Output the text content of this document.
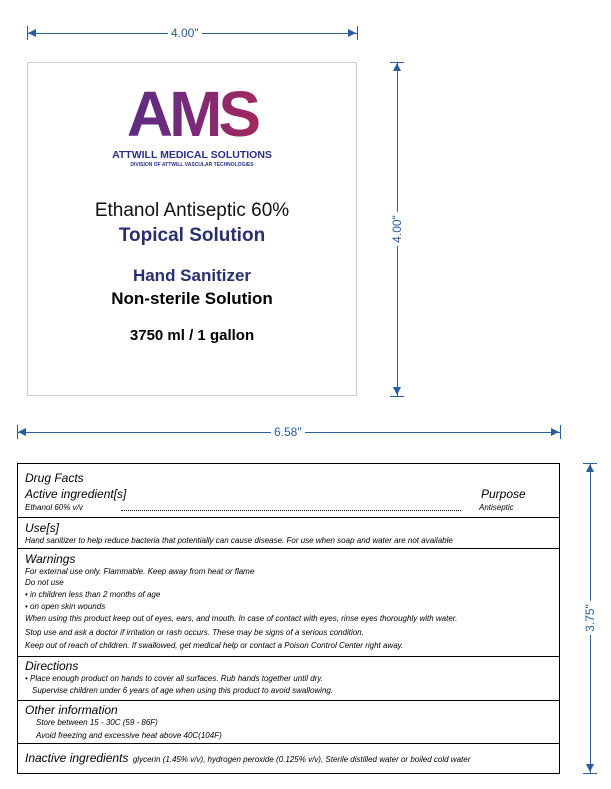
4.00"
4.00"
AMS
ATTWILL MEDICAL SOLUTIONS
DIVISION OF ATTWILL VASCULAR TECHNOLOGIES
Ethanol Antiseptic 60%
Topical Solution
Hand Sanitizer
Non-sterile Solution
3750 ml / 1 gallon
6.58"
3.75"
Drug Facts
Active ingredient[s]	Purpose
Ethanol 60% v/v	Antiseptic
Use[s]
Hand sanitizer to help reduce bacteria that potentially can cause disease. For use when soap and water are not available
Warnings
For external use only. Flammable. Keep away from heat or flame
Do not use
• in children less than 2 months of age
• on open skin wounds
When using this product keep out of eyes, ears, and mouth. In case of contact with eyes, rinse eyes thoroughly with water.
Stop use and ask a doctor if irritation or rash occurs. These may be signs of a serious condition.
Keep out of reach of children. If swallowed, get medical help or contact a Poison Control Center right away.
Directions
• Place enough product on hands to cover all surfaces. Rub hands together until dry.
Supervise children under 6 years of age when using this product to avoid swallowing.
Other information
Store between 15 - 30C (59 - 86F)
Avoid freezing and excessive heat above 40C(104F)
Inactive ingredients glycerin (1.45% v/v), hydrogen peroxide (0.125% v/v), Sterile distilled water or boiled cold water
